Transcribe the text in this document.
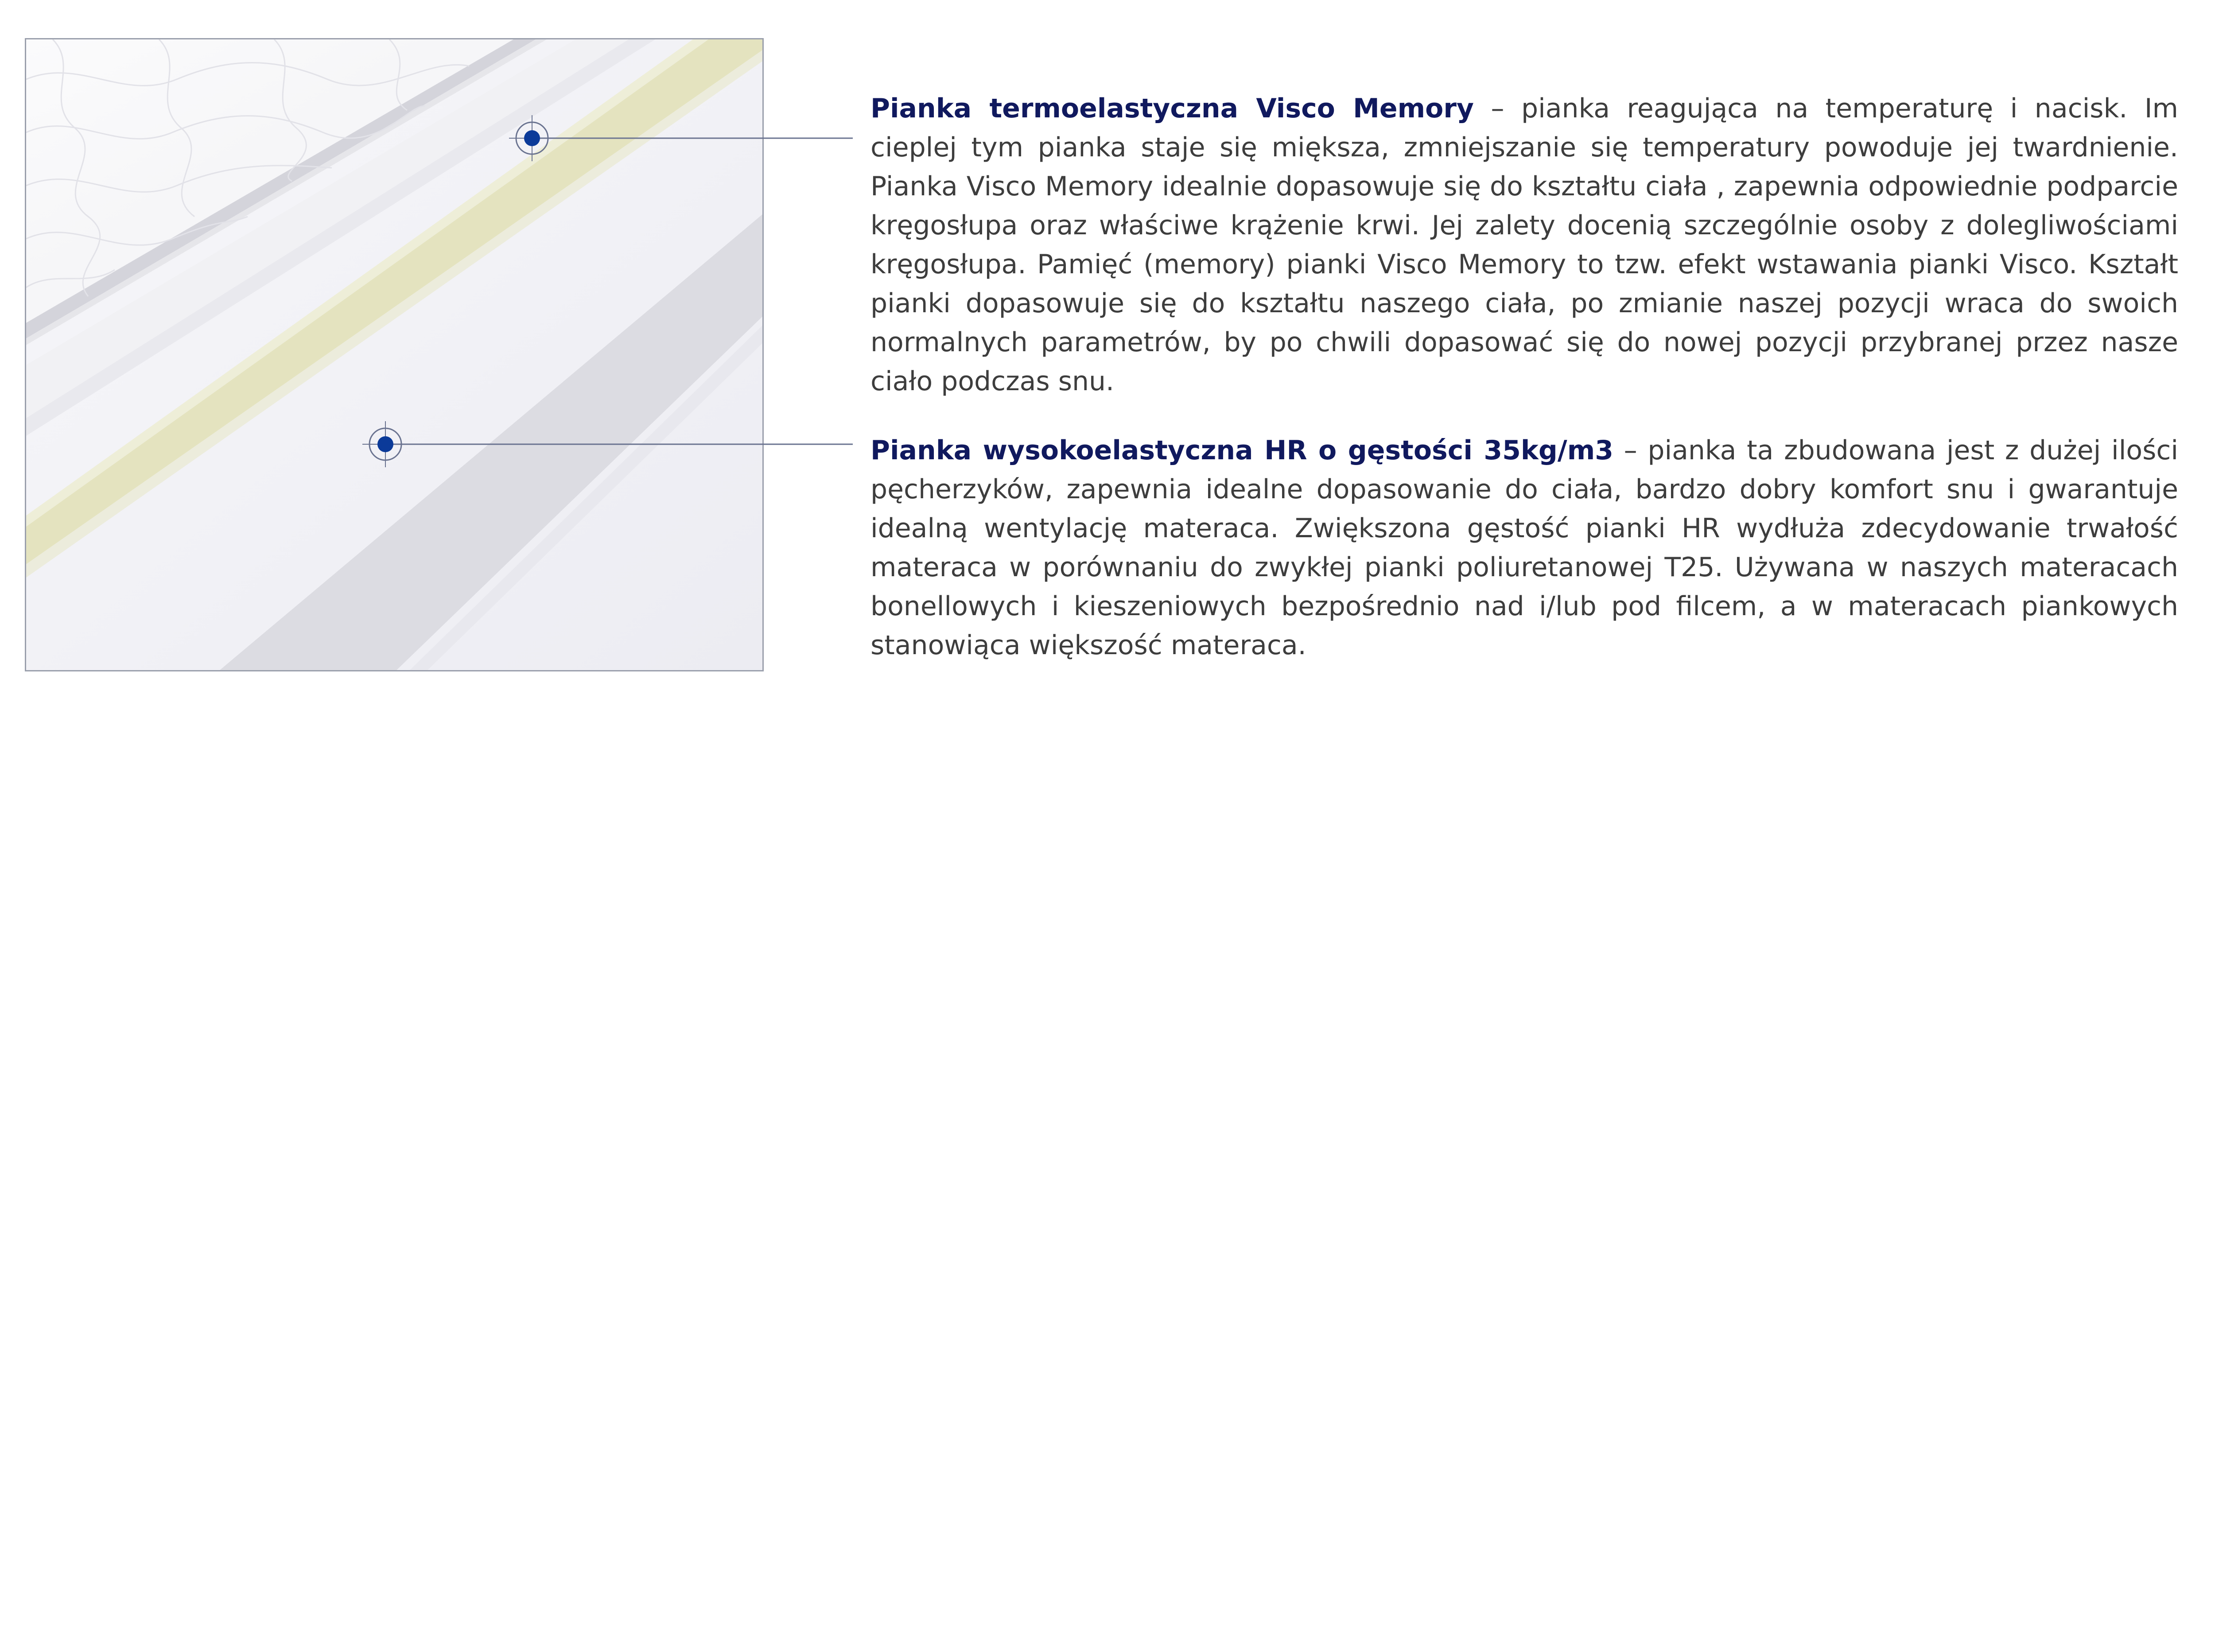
Pianka termoelastyczna Visco Memory – pianka reagująca na temperaturę i nacisk. Im cieplej tym pianka staje się miększa, zmniejszanie się temperatury powoduje jej twardnienie. Pianka Visco Memory idealnie dopasowuje się do kształtu ciała , zapewnia odpowiednie podparcie kręgosłupa oraz właściwe krążenie krwi. Jej zalety docenią szczególnie osoby z dolegliwościami kręgosłupa. Pamięć (memory) pianki Visco Memory to tzw. efekt wstawania pianki Visco. Kształt pianki dopasowuje się do kształtu naszego ciała, po zmianie naszej pozycji wraca do swoich normalnych parametrów, by po chwili dopasować się do nowej pozycji przybranej przez nasze ciało podczas snu.

Pianka wysokoelastyczna HR o gęstości 35kg/m3 – pianka ta zbudowana jest z dużej ilości pęcherzyków, zapewnia idealne dopasowanie do ciała, bardzo dobry komfort snu i gwarantuje idealną wentylację materaca. Zwiększona gęstość pianki HR wydłuża zdecydowanie trwałość materaca w porównaniu do zwykłej pianki poliuretanowej T25. Używana w naszych materacach bonellowych i kieszeniowych bezpośrednio nad i/lub pod filcem, a w materacach piankowych stanowiąca większość materaca.
